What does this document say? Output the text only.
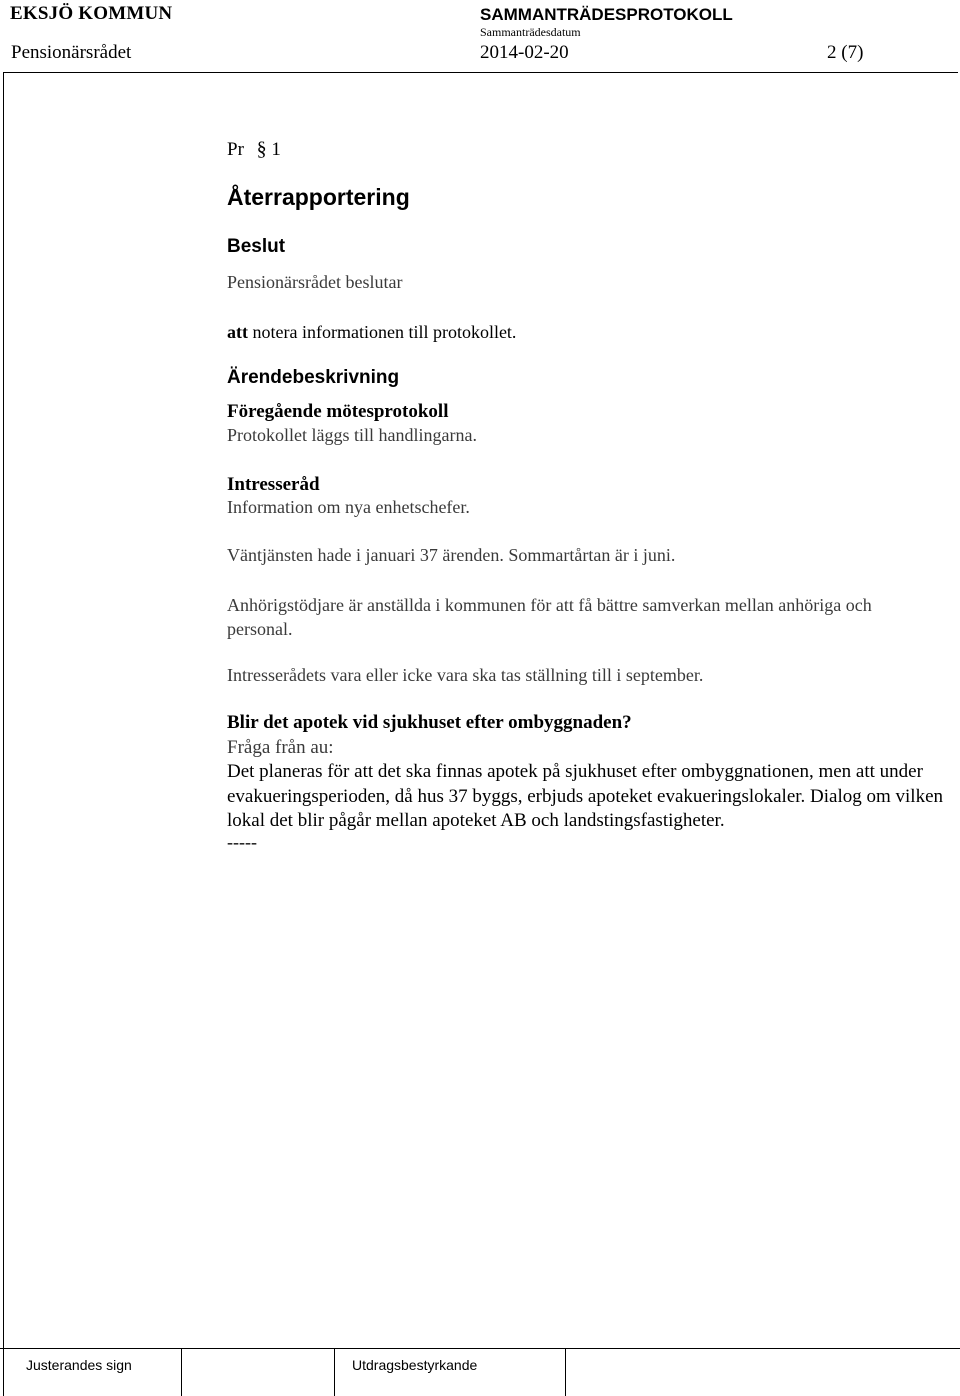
EKSJÖ KOMMUN	SAMMANTRÄDESPROTOKOLL
Sammanträdesdatum
Pensionärsrådet	2014-02-20	2 (7)
Pr § 1
Återrapportering
Beslut
Pensionärsrådet beslutar
att notera informationen till protokollet.
Ärendebeskrivning
Föregående mötesprotokoll
Protokollet läggs till handlingarna.
Intresseråd
Information om nya enhetschefer.
Väntjänsten hade i januari 37 ärenden. Sommartårtan är i juni.
Anhörigstödjare är anställda i kommunen för att få bättre samverkan mellan anhöriga och personal.
Intresserådets vara eller icke vara ska tas ställning till i september.
Blir det apotek vid sjukhuset efter ombyggnaden?
Fråga från au:
Det planeras för att det ska finnas apotek på sjukhuset efter ombyggnationen, men att under evakueringsperioden, då hus 37 byggs, erbjuds apoteket evakueringslokaler. Dialog om vilken lokal det blir pågår mellan apoteket AB och landstingsfastigheter.
-----
Justerandes sign	Utdragsbestyrkande
